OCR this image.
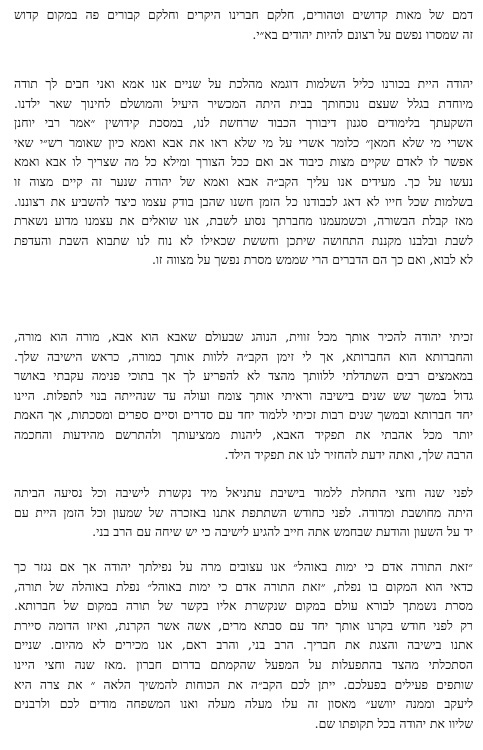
דמם של מאות קדושים וטהורים, חלקם חברינו היקרים וחלקם קבורים פה במקום קדוש
זה שמסרו נפשם על רצונם להיות יהודים בא״י.
יהודה היית בכורנו כליל השלמות דוגמא מהלכת על שניים אנו אמא ואני חבים לך תודה
מיוחדת בגלל שעצם נוכחותך בבית היתה המכשיר היעיל והמושלם לחינוך שאר ילדנו.
השקעתך בלימודים סגנון דיבורך הכבוד שרחשת לנו, במסכת קידושין ״אמר רבי יוחנן
אשרי מי שלא חמאן״ כלומר אשרי על מי שלא ראו את אבא ואמא כיון שאומר רש״י שאי
אפשר לו לאדם שקיים מצות כיבוד אב ואם ככל הצורך ומילא כל מה שצריך לו אבא ואמא
נעשו על כך. מעידים אנו עליך הקב״ה אבא ואמא של יהודה שנער זה קיים מצוה זו
בשלמות שכל חייו לא דאג לכבודנו כל הזמן חשנו שהבן בודק עצמו כיצד להשביע את רצוננו.
מאז קבלת הבשורה, וכשמעמנו מחברתך נסוע לשבת, אנו שואלים את עצמנו מדוע נשארת
לשבת ובלבנו מקננת התחושה שיתכן וחששת שכאילו לא נוח לנו שתבוא השבת והעדפת
לא לבוא, ואם כך הם הדברים הרי שממש מסרת נפשך על מצווה זו.
זכיתי יהודה להכיר אותך מכל זווית, הנוהג שבעולם שאבא הוא אבא, מורה הוא מורה,
והחברותא הוא החברותא, אך לי זימן הקב״ה ללוות אותך כמורה, כראש הישיבה שלך.
במאמצים רבים השתדלתי ללוותך מהצד לא להפריע לך אך בתוכי פנימה עקבתי באושר
גדול במשך שש שנים בישיבה וראיתי אותך צומח ועולה עד שנהייתה בנוי לתפלות. היינו
יחד חברותא ובמשך שנים רבות זכיתי ללמוד יחד עם סדרים וסיים ספרים ומסכתות, אך האמת
יותר מכל אהבתי את תפקיד האבא, ליהנות ממציעותך ולהתרשם מהידעות והחכמה
הרבה שלך, ואתה ידעת להחזיר לנו את תפקיד הילד.
לפני שנה וחצי התחלת ללמוד בישיבת עתניאל מיד נקשרת לישיבה וכל נסיעה הביתה
היתה מחושבת ומדודה. לפני כחודש השתתפת אתנו באזכרה של שמעון וכל הזמן היית עם
יד על השעון והודעת שבחמש אתה חייב להגיע לישיבה כי יש שיחה עם הרב בני.
״זאת התורה אדם כי ימות באוהל״ אנו עצובים מרה על נפילתך יהודה אך אם נגזר כך
כדאי הוא המקום בו נפלת, ״זאת התורה אדם כי ימות באוהל״ נפלת באוהלה של תורה,
מסרת נשמתך לבורא עולם במקום שנקשרת אליו בקשר של תורה במקום של חברותא.
רק לפני חודש בקרנו אותך יחד עם סבתא מרים, אשה אשר הקרנת, ואיזו הדומה סיירת
אתנו בישיבה והצגת את חבריך. הרב בני, והרב ראם, אנו מכירים לא מהיום. שניים
הסתכלתי מהצד בהתפעלות על המפעל שהקמתם בדרום חברון .מאז שנה וחצי היינו
שותפים פעילים בפעלכם. ייתן לכם הקב״ה את הכוחות להמשיך הלאה ״ את צרה היא
ליעקב וממנה יוושע״ מאסון זה עלו מעלה מעלה ואנו המשפחה מודים לכם ולרבנים
שליוו את יהודה בכל תקופתו שם.
